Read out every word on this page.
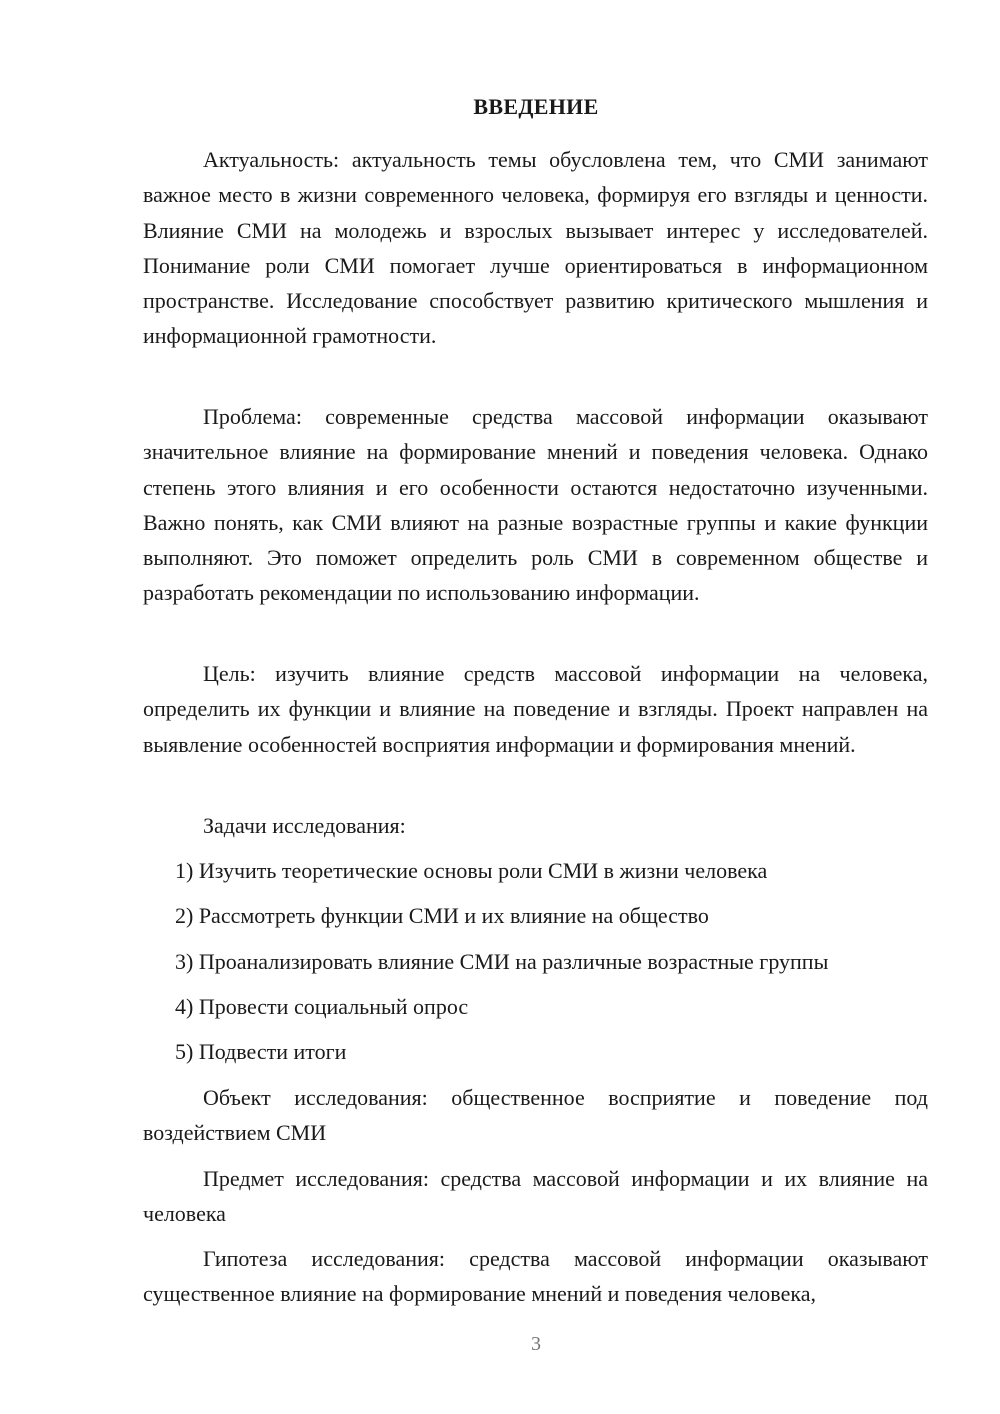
ВВЕДЕНИЕ

Актуальность: актуальность темы обусловлена тем, что СМИ занимают важное место в жизни современного человека, формируя его взгляды и ценности. Влияние СМИ на молодежь и взрослых вызывает интерес у исследователей. Понимание роли СМИ помогает лучше ориентироваться в информационном пространстве. Исследование способствует развитию критического мышления и информационной грамотности.

Проблема: современные средства массовой информации оказывают значительное влияние на формирование мнений и поведения человека. Однако степень этого влияния и его особенности остаются недостаточно изученными. Важно понять, как СМИ влияют на разные возрастные группы и какие функции выполняют. Это поможет определить роль СМИ в современном обществе и разработать рекомендации по использованию информации.

Цель: изучить влияние средств массовой информации на человека, определить их функции и влияние на поведение и взгляды. Проект направлен на выявление особенностей восприятия информации и формирования мнений.

Задачи исследования:

1) Изучить теоретические основы роли СМИ в жизни человека
2) Рассмотреть функции СМИ и их влияние на общество
3) Проанализировать влияние СМИ на различные возрастные группы
4) Провести социальный опрос
5) Подвести итоги

Объект исследования: общественное восприятие и поведение под воздействием СМИ

Предмет исследования: средства массовой информации и их влияние на человека

Гипотеза исследования: средства массовой информации оказывают существенное влияние на формирование мнений и поведения человека,

3
